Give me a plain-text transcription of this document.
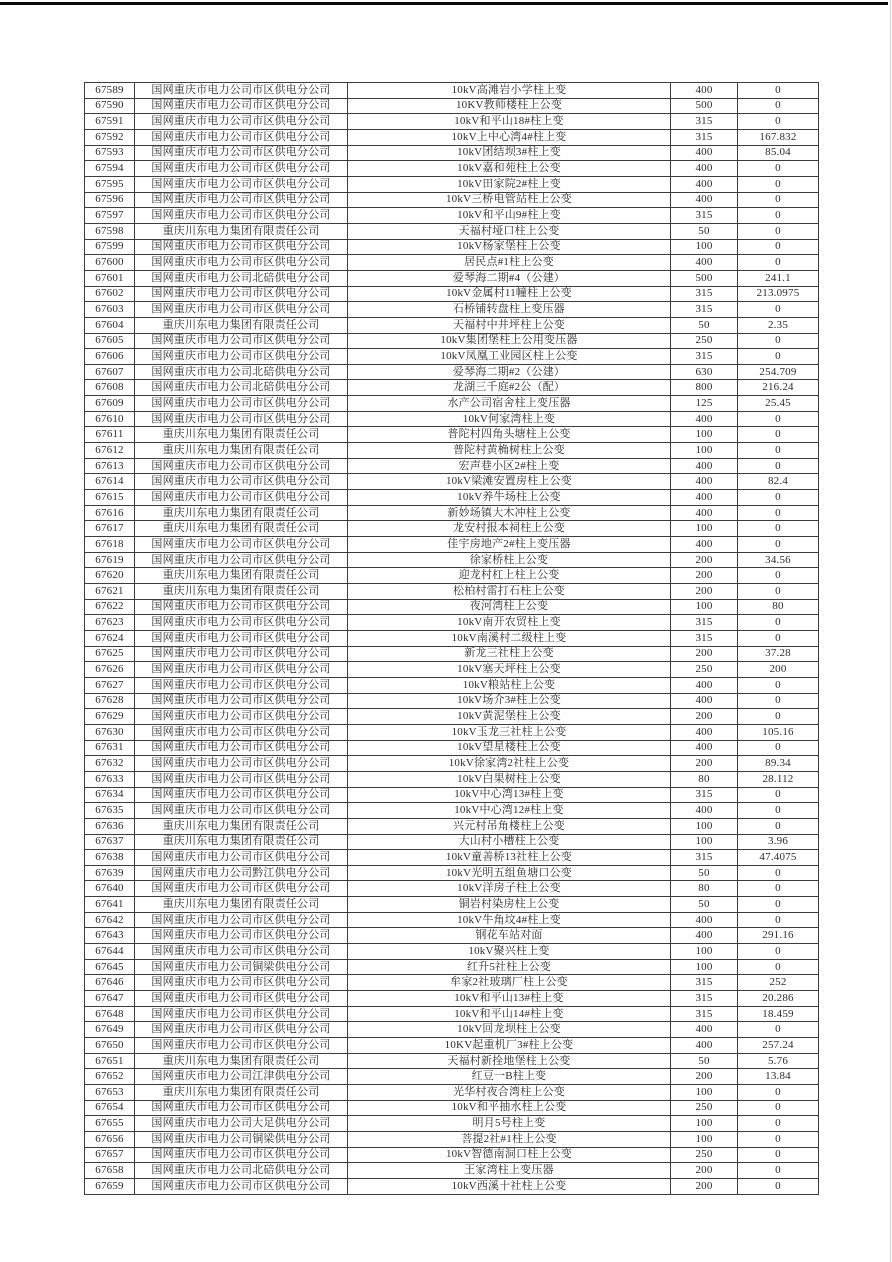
67589	国网重庆市电力公司市区供电分公司	10kV高滩岩小学柱上变	400	0
67590	国网重庆市电力公司市区供电分公司	10KV教师楼柱上公变	500	0
67591	国网重庆市电力公司市区供电分公司	10kV和平山18#柱上变	315	0
67592	国网重庆市电力公司市区供电分公司	10kV上中心湾4#柱上变	315	167.832
67593	国网重庆市电力公司市区供电分公司	10kV团结坝3#柱上变	400	85.04
67594	国网重庆市电力公司市区供电分公司	10kV嘉和苑柱上公变	400	0
67595	国网重庆市电力公司市区供电分公司	10kV田家院2#柱上变	400	0
67596	国网重庆市电力公司市区供电分公司	10kV三桥电管站柱上公变	400	0
67597	国网重庆市电力公司市区供电分公司	10kV和平山9#柱上变	315	0
67598	重庆川东电力集团有限责任公司	天福村垭口柱上公变	50	0
67599	国网重庆市电力公司市区供电分公司	10kV杨家堡柱上公变	100	0
67600	国网重庆市电力公司市区供电分公司	居民点#1柱上公变	400	0
67601	国网重庆市电力公司北碚供电分公司	爱琴海二期#4（公建）	500	241.1
67602	国网重庆市电力公司市区供电分公司	10kV金属村11幢柱上公变	315	213.0975
67603	国网重庆市电力公司市区供电分公司	石桥铺转盘柱上变压器	315	0
67604	重庆川东电力集团有限责任公司	天福村中井坪柱上公变	50	2.35
67605	国网重庆市电力公司市区供电分公司	10kV集团堡柱上公用变压器	250	0
67606	国网重庆市电力公司市区供电分公司	10kV凤凰工业园区柱上公变	315	0
67607	国网重庆市电力公司北碚供电分公司	爱琴海二期#2（公建）	630	254.709
67608	国网重庆市电力公司北碚供电分公司	龙湖三千庭#2公（配）	800	216.24
67609	国网重庆市电力公司市区供电分公司	水产公司宿舍柱上变压器	125	25.45
67610	国网重庆市电力公司市区供电分公司	10kV何家湾柱上变	400	0
67611	重庆川东电力集团有限责任公司	普陀村四角头塘柱上公变	100	0
67612	重庆川东电力集团有限责任公司	普陀村黄桷树柱上公变	100	0
67613	国网重庆市电力公司市区供电分公司	宏声巷小区2#柱上变	400	0
67614	国网重庆市电力公司市区供电分公司	10kV梁滩安置房柱上公变	400	82.4
67615	国网重庆市电力公司市区供电分公司	10kV养牛场柱上公变	400	0
67616	重庆川东电力集团有限责任公司	新妙场镇大木冲柱上公变	400	0
67617	重庆川东电力集团有限责任公司	龙安村报本祠柱上公变	100	0
67618	国网重庆市电力公司市区供电分公司	佳宇房地产2#柱上变压器	400	0
67619	国网重庆市电力公司市区供电分公司	徐家桥柱上公变	200	34.56
67620	重庆川东电力集团有限责任公司	迎龙村杠上柱上公变	200	0
67621	重庆川东电力集团有限责任公司	松柏村雷打石柱上公变	200	0
67622	国网重庆市电力公司市区供电分公司	夜河湾柱上公变	100	80
67623	国网重庆市电力公司市区供电分公司	10kV南开农贸柱上变	315	0
67624	国网重庆市电力公司市区供电分公司	10kV南溪村二级柱上变	315	0
67625	国网重庆市电力公司市区供电分公司	新龙三社柱上公变	200	37.28
67626	国网重庆市电力公司市区供电分公司	10kV塞天坪柱上公变	250	200
67627	国网重庆市电力公司市区供电分公司	10kV粮站柱上公变	400	0
67628	国网重庆市电力公司市区供电分公司	10kV场介3#柱上公变	400	0
67629	国网重庆市电力公司市区供电分公司	10kV黄泥堡柱上公变	200	0
67630	国网重庆市电力公司市区供电分公司	10kV玉龙三社柱上公变	400	105.16
67631	国网重庆市电力公司市区供电分公司	10kV望星楼柱上公变	400	0
67632	国网重庆市电力公司市区供电分公司	10kV徐家湾2社柱上公变	200	89.34
67633	国网重庆市电力公司市区供电分公司	10kV白果树柱上公变	80	28.112
67634	国网重庆市电力公司市区供电分公司	10kV中心湾13#柱上变	315	0
67635	国网重庆市电力公司市区供电分公司	10kV中心湾12#柱上变	400	0
67636	重庆川东电力集团有限责任公司	兴元村吊角楼柱上公变	100	0
67637	重庆川东电力集团有限责任公司	大山村小槽柱上公变	100	3.96
67638	国网重庆市电力公司市区供电分公司	10kV童善桥13社柱上公变	315	47.4075
67639	国网重庆市电力公司黔江供电分公司	10kV光明五组鱼塘口公变	50	0
67640	国网重庆市电力公司市区供电分公司	10kV洋房子柱上公变	80	0
67641	重庆川东电力集团有限责任公司	铜岩村染房柱上公变	50	0
67642	国网重庆市电力公司市区供电分公司	10kV牛角坟4#柱上变	400	0
67643	国网重庆市电力公司市区供电分公司	钢花车站对面	400	291.16
67644	国网重庆市电力公司市区供电分公司	10kV聚兴柱上变	100	0
67645	国网重庆市电力公司铜梁供电分公司	红升5社柱上公变	100	0
67646	国网重庆市电力公司市区供电分公司	牟家2社玻璃厂柱上公变	315	252
67647	国网重庆市电力公司市区供电分公司	10kV和平山13#柱上变	315	20.286
67648	国网重庆市电力公司市区供电分公司	10kV和平山14#柱上变	315	18.459
67649	国网重庆市电力公司市区供电分公司	10kV回龙坝柱上公变	400	0
67650	国网重庆市电力公司市区供电分公司	10KV起重机厂3#柱上公变	400	257.24
67651	重庆川东电力集团有限责任公司	天福村新拴地堡柱上公变	50	5.76
67652	国网重庆市电力公司江津供电分公司	红豆一B柱上变	200	13.84
67653	重庆川东电力集团有限责任公司	光华村夜合湾柱上公变	100	0
67654	国网重庆市电力公司市区供电分公司	10kV和平抽水柱上公变	250	0
67655	国网重庆市电力公司大足供电分公司	明月5号柱上变	100	0
67656	国网重庆市电力公司铜梁供电分公司	菩提2社#1柱上公变	100	0
67657	国网重庆市电力公司市区供电分公司	10kV智德南洞口柱上公变	250	0
67658	国网重庆市电力公司北碚供电分公司	王家湾柱上变压器	200	0
67659	国网重庆市电力公司市区供电分公司	10kV西溪十社柱上公变	200	0
